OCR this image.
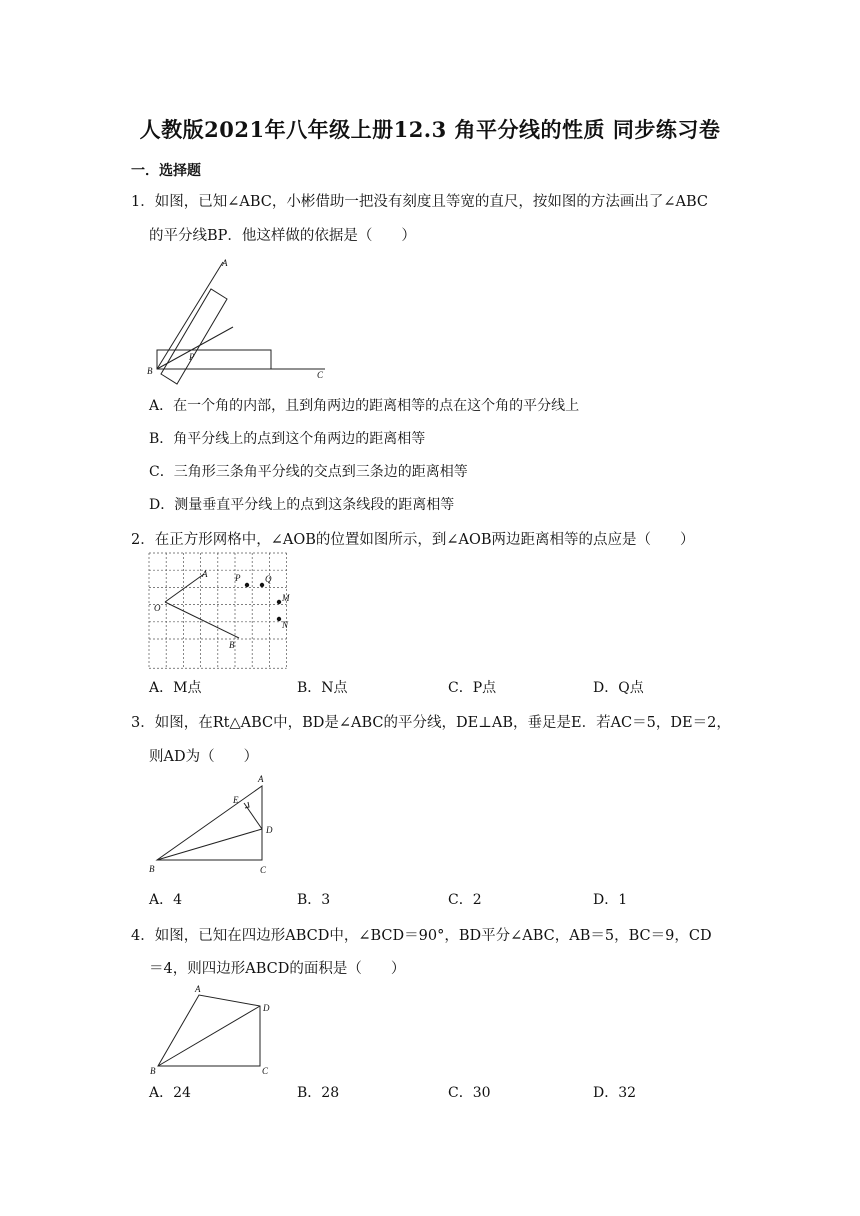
人教版2021年八年级上册12.3 角平分线的性质 同步练习卷
一．选择题
1．如图，已知∠ABC，小彬借助一把没有刻度且等宽的直尺，按如图的方法画出了∠ABC
的平分线BP．他这样做的依据是（　　）
A
B	C
P
A．在一个角的内部，且到角两边的距离相等的点在这个角的平分线上
B．角平分线上的点到这个角两边的距离相等
C．三角形三条角平分线的交点到三条边的距离相等
D．测量垂直平分线上的点到这条线段的距离相等
2．在正方形网格中，∠AOB的位置如图所示，到∠AOB两边距离相等的点应是（　　）
A	P	Q
M
N
O
B
A．M点	B．N点	C．P点	D．Q点
3．如图，在Rt△ABC中，BD是∠ABC的平分线，DE⊥AB，垂足是E．若AC＝5，DE＝2，
则AD为（　　）
A
E
D
B	C
A．4	B．3	C．2	D．1
4．如图，已知在四边形ABCD中，∠BCD＝90°，BD平分∠ABC，AB＝5，BC＝9，CD
＝4，则四边形ABCD的面积是（　　）
A
D
B	C
A．24	B．28	C．30	D．32
